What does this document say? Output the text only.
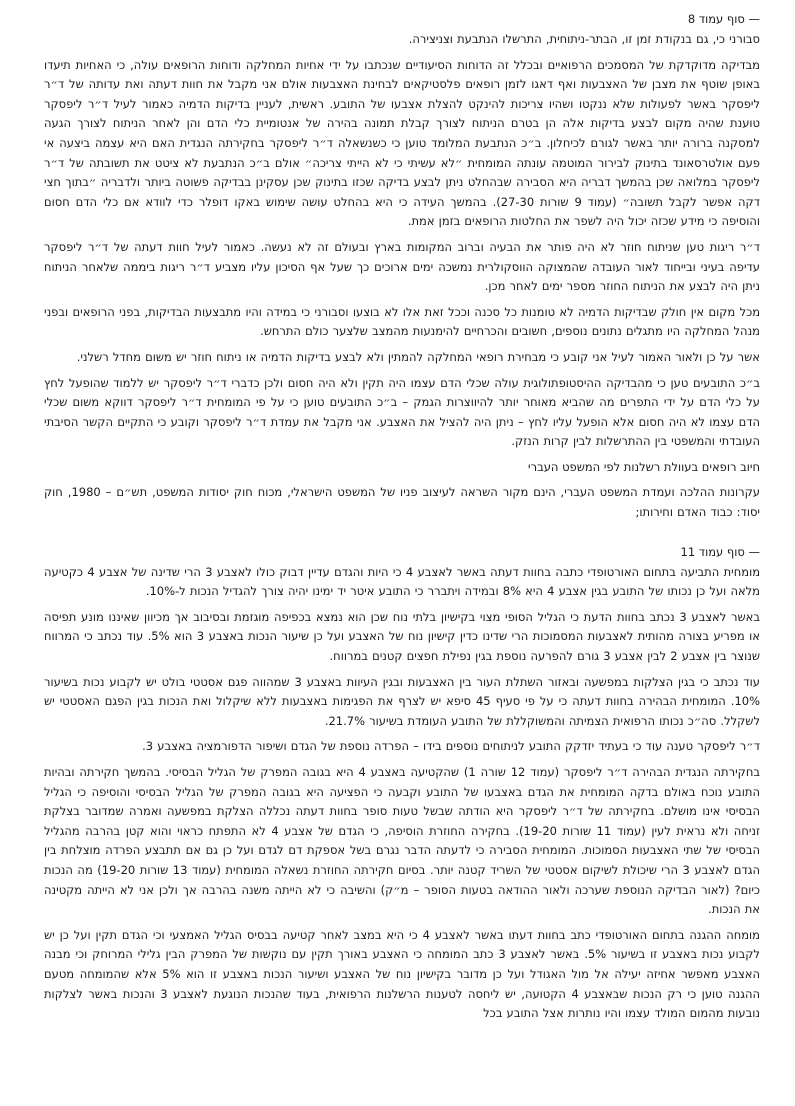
— סוף עמוד 8

סבורני כי, גם בנקודת זמן זו, הבתר-ניתוחית, התרשלו הנתבעת וצניצירה.

מבדיקה מדוקדקת של המסמכים הרפואיים ובכלל זה הדוחות הסיעודיים שנכתבו על ידי אחיות המחלקה ודוחות הרופאים עולה, כי האחיות תיעדו באופן שוטף את מצבן של האצבעות ואף דאגו לזמן רופאים פלסטיקאים לבחינת האצבעות אולם אני מקבל את חוות דעתה ואת עדותה של ד״ר ליפסקר באשר לפעולות שלא ננקטו ושהיו צריכות להינקט להצלת אצבעו של התובע. ראשית, לעניין בדיקות הדמיה כאמור לעיל ד״ר ליפסקר טוענת שהיה מקום לבצע בדיקות אלה הן בטרם הניתוח לצורך קבלת תמונה בהירה של אנטומיית כלי הדם והן לאחר הניתוח לצורך הגעה למסקנה ברורה יותר באשר לגורם לכיחלון. ב״כ הנתבעת המלומד טוען כי כשנשאלה ד״ר ליפסקר בחקירתה הנגדית האם היא עצמה ביצעה אי פעם אולטרסאונד בתינוק לבירור המוטמה עונתה המומחית ״לא עשיתי כי לא הייתי צריכה״ אולם ב״כ הנתבעת לא ציטט את תשובתה של ד״ר ליפסקר במלואה שכן בהמשך דבריה היא הסבירה שבהחלט ניתן לבצע בדיקה שכזו בתינוק שכן עסקינן בבדיקה פשוטה ביותר ולדבריה ״בתוך חצי דקה אפשר לקבל תשובה״ (עמוד 9 שורות 27-30). בהמשך העידה כי היא בהחלט עושה שימוש באקו דופלר כדי לוודא אם כלי הדם חסום והוסיפה כי מידע שכזה יכול היה לשפר את החלטות הרופאים בזמן אמת.

ד״ר ריגות טען שניתוח חוזר לא היה פותר את הבעיה וברוב המקומות בארץ ובעולם זה לא נעשה. כאמור לעיל חוות דעתה של ד״ר ליפסקר עדיפה בעיני ובייחוד לאור העובדה שהמצוקה הווסקולרית נמשכה ימים ארוכים כך שעל אף הסיכון עליו מצביע ד״ר ריגות ביממה שלאחר הניתוח ניתן היה לבצע את הניתוח החוזר מספר ימים לאחר מכן.

מכל מקום אין חולק שבדיקות הדמיה לא טומנות כל סכנה וככל זאת אלו לא בוצעו וסבורני כי במידה והיו מתבצעות הבדיקות, בפני הרופאים ובפני מנהל המחלקה היו מתגלים נתונים נוספים, חשובים והכרחיים להימנעות מהמצב שלצער כולם התרחש.

אשר על כן ולאור האמור לעיל אני קובע כי מבחירת רופאי המחלקה להמתין ולא לבצע בדיקות הדמיה או ניתוח חוזר יש משום מחדל רשלני.

ב״כ התובעים טען כי מהבדיקה ההיסטופתולוגית עולה שכלי הדם עצמו היה תקין ולא היה חסום ולכן כדברי ד״ר ליפסקר יש ללמוד שהופעל לחץ על כלי הדם על ידי התפרים מה שהביא מאוחר יותר להיווצרות הגמק – ב״כ התובעים טוען כי על פי המומחית ד״ר ליפסקר דווקא משום שכלי הדם עצמו לא היה חסום אלא הופעל עליו לחץ – ניתן היה להציל את האצבע. אני מקבל את עמדת ד״ר ליפסקר וקובע כי התקיים הקשר הסיבתי העובדתי והמשפטי בין ההתרשלות לבין קרות הנזק.

חיוב רופאים בעוולת רשלנות לפי המשפט העברי

עקרונות ההלכה ועמדת המשפט העברי, הינם מקור השראה לעיצוב פניו של המשפט הישראלי, מכוח חוק יסודות המשפט, תש״ם – 1980, חוק יסוד: כבוד האדם וחירותו;

— סוף עמוד 11

מומחית התביעה בתחום האורטופדי כתבה בחוות דעתה באשר לאצבע 4 כי היות והגדם עדיין דבוק כולו לאצבע 3 הרי שדינה של אצבע 4 כקטיעה מלאה ועל כן נכותו של התובע בגין אצבע 4 היא 8% ובמידה ויתברר כי התובע איטר יד ימינו יהיה צורך להגדיל הנכות ל-10%.

באשר לאצבע 3 נכתב בחוות הדעת כי הגליל הסופי מצוי בקישיון בלתי נוח שכן הוא נמצא בכפיפה מוגזמת ובסיבוב אך מכיוון שאיננו מונע תפיסה או מפריע בצורה מהותית לאצבעות המסמוכות הרי שדינו כדין קישיון נוח של האצבע ועל כן שיעור הנכות באצבע 3 הוא 5%. עוד נכתב כי המרווח שנוצר בין אצבע 2 לבין אצבע 3 גורם להפרעה נוספת בגין נפילת חפצים קטנים במרווח.

עוד נכתב כי בגין הצלקות במפשעה ובאזור השתלת העור בין האצבעות ובגין העיוות באצבע 3 שמהווה פגם אסטטי בולט יש לקבוע נכות בשיעור 10%. המומחית הבהירה בחוות דעתה כי על פי סעיף 45 סיפא יש לצרף את הפגימות באצבעות ללא שיקלול ואת הנכות בגין הפגם האסטטי יש לשקלל. סה״כ נכותו הרפואית הצמיתה והמשוקללת של התובע העומדת בשיעור 21.7%.

ד״ר ליפסקר טענה עוד כי בעתיד יזדקק התובע לניתוחים נוספים בידו – הפרדה נוספת של הגדם ושיפור הדפורמציה באצבע 3.

בחקירתה הנגדית הבהירה ד״ר ליפסקר (עמוד 12 שורה 1) שהקטיעה באצבע 4 היא בגובה המפרק של הגליל הבסיסי. בהמשך חקירתה ובהיות התובע נוכח באולם בדקה המומחית את הגדם באצבעו של התובע וקבעה כי הפציעה היא בגובה המפרק של הגליל הבסיסי והוסיפה כי הגליל הבסיסי אינו מושלם. בחקירתה של ד״ר ליפסקר היא הודתה שבשל טעות סופר בחוות דעתה נכללה הצלקת במפשעה ואמרה שמדובר בצלקת זניחה ולא נראית לעין (עמוד 11 שורות 19-20). בחקירה החוזרת הוסיפה, כי הגדם של אצבע 4 לא התפתח כראוי והוא קטן בהרבה מהגליל הבסיסי של שתי האצבעות הסמוכות. המומחית הסבירה כי לדעתה הדבר נגרם בשל אספקת דם לגדם ועל כן גם אם תתבצע הפרדה מוצלחת בין הגדם לאצבע 3 הרי שיכולת לשיקום אסטטי של השריד קטנה יותר. בסיום חקירתה החוזרת נשאלה המומחית (עמוד 13 שורות 19-20) מה הנכות כיום? (לאור הבדיקה הנוספת שערכה ולאור ההודאה בטעות הסופר – מ״ק) והשיבה כי לא הייתה משנה בהרבה אך ולכן אני לא הייתה מקטינה את הנכות.

מומחה ההגנה בתחום האורטופדי כתב בחוות דעתו באשר לאצבע 4 כי היא במצב לאחר קטיעה בבסיס הגליל האמצעי וכי הגדם תקין ועל כן יש לקבוע נכות באצבע זו בשיעור 5%. באשר לאצבע 3 כתב המומחה כי האצבע באורך תקין עם נוקשות של המפרק הבין גלילי המרוחק וכי מבנה האצבע מאפשר אחיזה יעילה אל מול האגודל ועל כן מדובר בקישיון נוח של האצבע ושיעור הנכות באצבע זו הוא 5% אלא שהמומחה מטעם ההגנה טוען כי רק הנכות שבאצבע 4 הקטועה, יש ליחסה לטענות הרשלנות הרפואית, בעוד שהנכות הנוגעת לאצבע 3 והנכות באשר לצלקות נובעות מהמום המולד עצמו והיו נותרות אצל התובע בכל
